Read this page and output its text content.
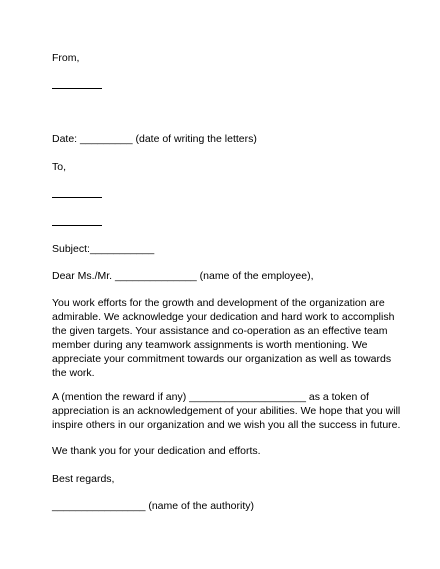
From,
Date: _________ (date of writing the letters)
To,
Subject:___________
Dear Ms./Mr. ______________ (name of the employee),
You work efforts for the growth and development of the organization are
admirable. We acknowledge your dedication and hard work to accomplish
the given targets. Your assistance and co-operation as an effective team
member during any teamwork assignments is worth mentioning. We
appreciate your commitment towards our organization as well as towards
the work.
A (mention the reward if any) ____________________ as a token of
appreciation is an acknowledgement of your abilities. We hope that you will
inspire others in our organization and we wish you all the success in future.
We thank you for your dedication and efforts.
Best regards,
________________ (name of the authority)
